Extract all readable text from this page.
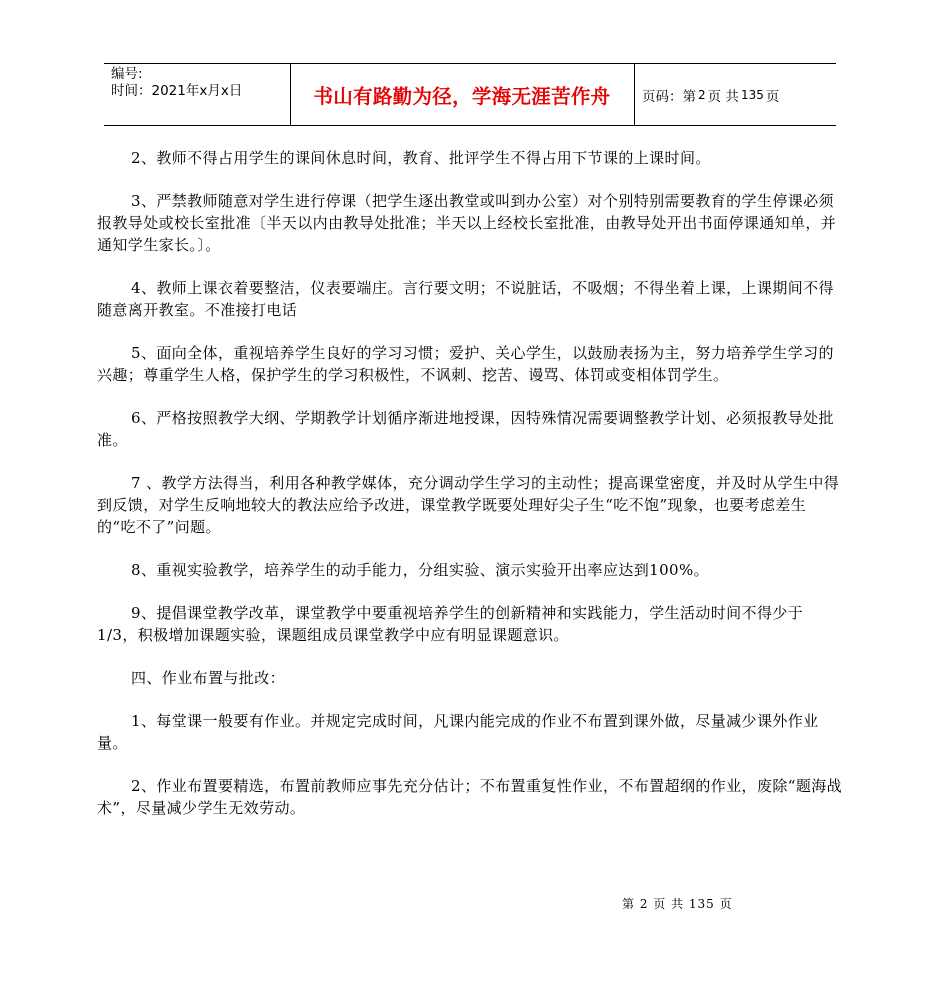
编号:
时间：2021年x月x日	书山有路勤为径，学海无涯苦作舟	页码：第 2 页 共 135 页

2、教师不得占用学生的课间休息时间，教育、批评学生不得占用下节课的上课时间。

3、严禁教师随意对学生进行停课（把学生逐出教堂或叫到办公室）对个别特别需要教育的学生停课必须报教导处或校长室批准〔半天以内由教导处批准；半天以上经校长室批准，由教导处开出书面停课通知单，并通知学生家长。〕。

4、教师上课衣着要整洁，仪表要端庄。言行要文明；不说脏话，不吸烟；不得坐着上课，上课期间不得随意离开教室。不准接打电话

5、面向全体，重视培养学生良好的学习习惯；爱护、关心学生，以鼓励表扬为主，努力培养学生学习的兴趣；尊重学生人格，保护学生的学习积极性，不讽刺、挖苦、谩骂、体罚或变相体罚学生。

6、严格按照教学大纲、学期教学计划循序渐进地授课，因特殊情况需要调整教学计划、必须报教导处批准。

7 、教学方法得当，利用各种教学媒体，充分调动学生学习的主动性；提高课堂密度，并及时从学生中得到反馈，对学生反响地较大的教法应给予改进，课堂教学既要处理好尖子生“吃不饱”现象，也要考虑差生的“吃不了”问题。

8、重视实验教学，培养学生的动手能力，分组实验、演示实验开出率应达到100%。

9、提倡课堂教学改革，课堂教学中要重视培养学生的创新精神和实践能力，学生活动时间不得少于1/3，积极增加课题实验，课题组成员课堂教学中应有明显课题意识。

四、作业布置与批改：

1、每堂课一般要有作业。并规定完成时间，凡课内能完成的作业不布置到课外做，尽量减少课外作业量。

2、作业布置要精选，布置前教师应事先充分估计；不布置重复性作业，不布置超纲的作业，废除“题海战术”，尽量减少学生无效劳动。

第 2 页 共 135 页
